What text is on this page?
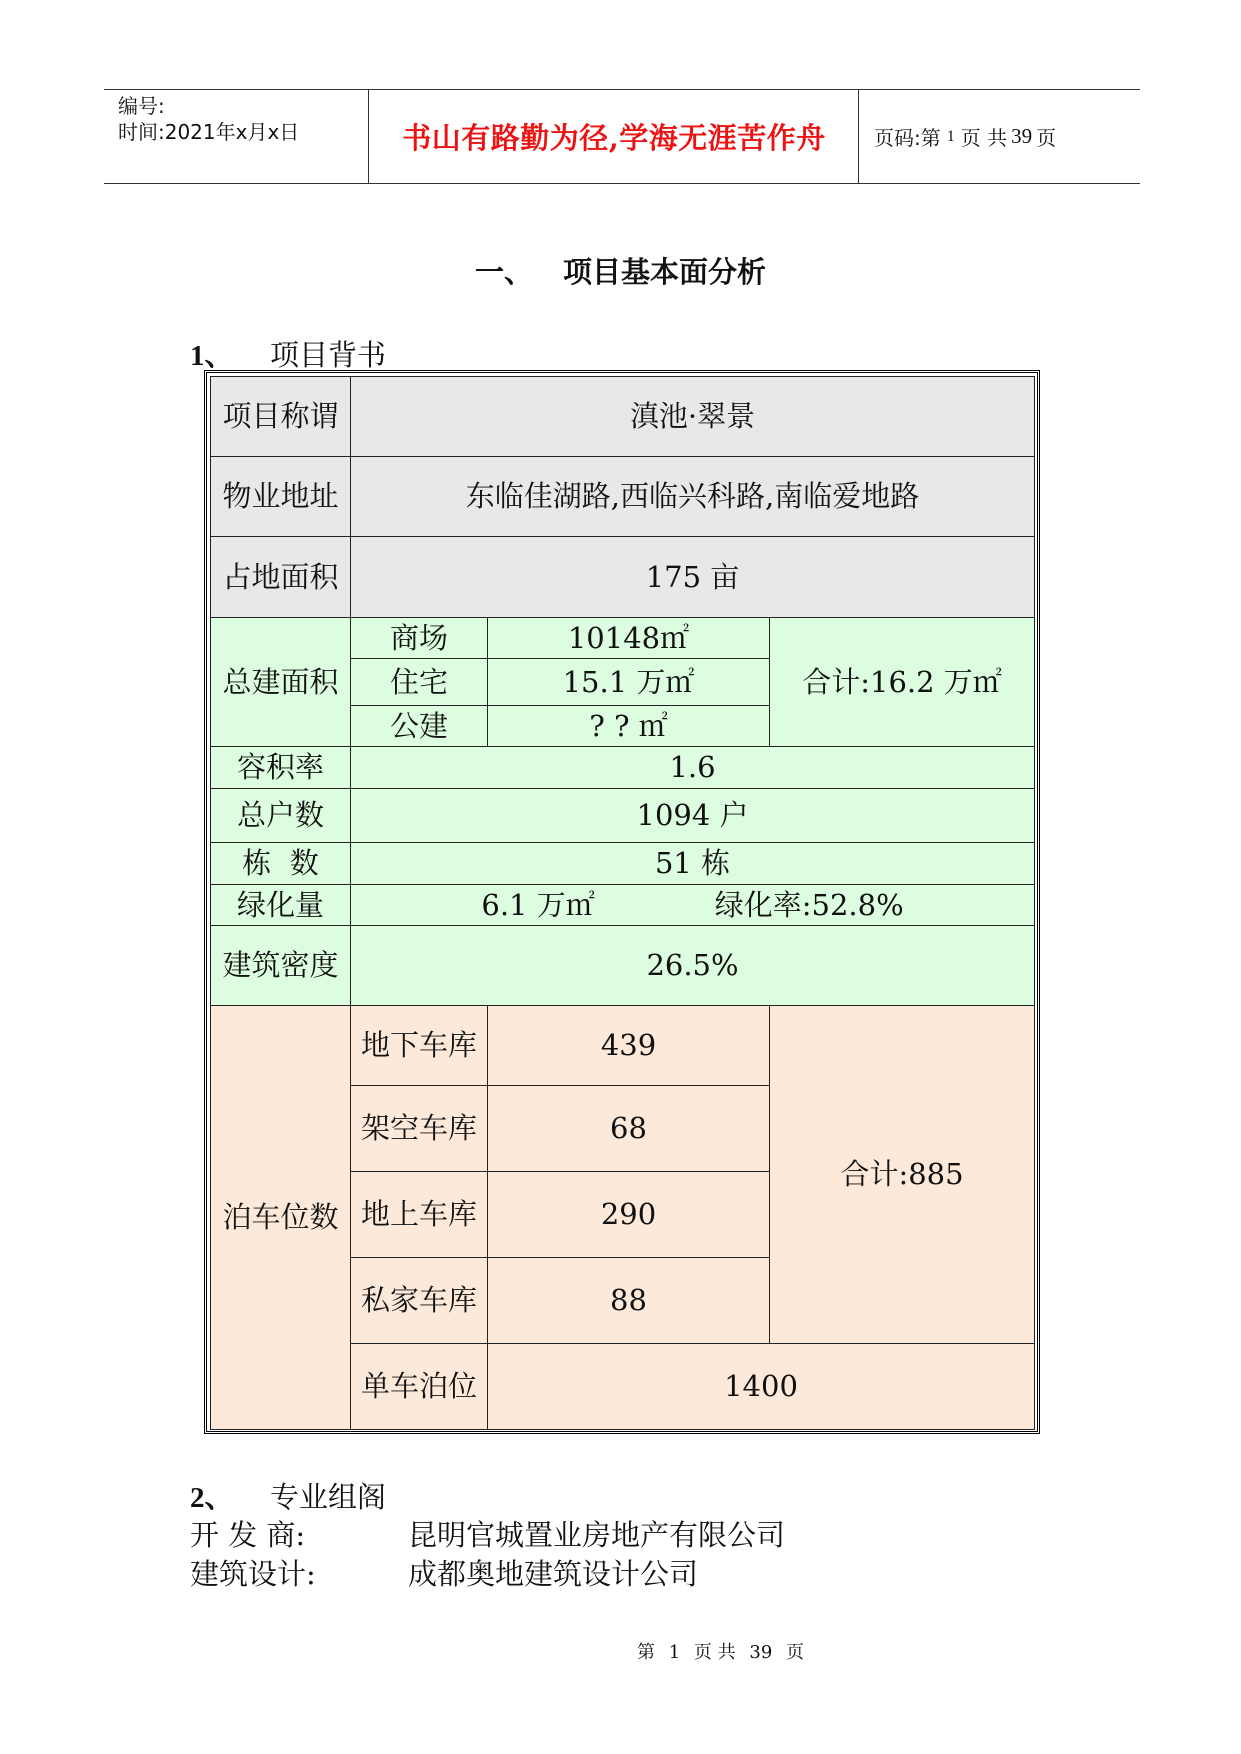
编号:
时间:2021年x月x日	书山有路勤为径,学海无涯苦作舟	页码:第 1 页 共 39 页
一、 项目基本面分析
1、 项目背书
项目称谓	滇池·翠景		
物业地址	东临佳湖路,西临兴科路,南临爱地路		
占地面积	175 亩		
总建面积	商场	10148㎡	合计:16.2 万㎡
	住宅	15.1 万㎡	
	公建	? ? ㎡	
容积率	1.6		
总户数	1094 户		
栋  数	51 栋		
绿化量	6.1 万㎡ 绿化率:52.8%		
建筑密度	26.5%		
泊车位数	地下车库	439	合计:885
	架空车库	68	
	地上车库	290	
	私家车库	88	
	单车泊位	1400	
2、 专业组阁
开 发 商:	昆明官城置业房地产有限公司
建筑设计:	成都奥地建筑设计公司
第 1 页 共 39 页
